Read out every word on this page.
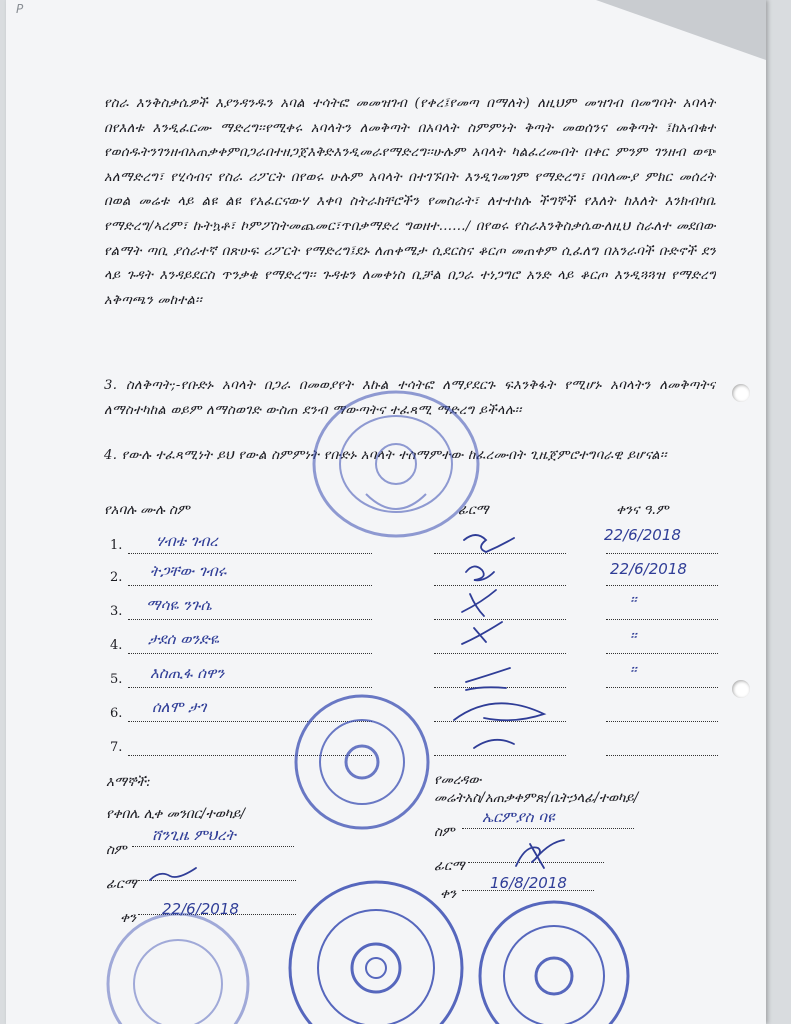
P
የስራ እንቅስቃሴዎች እያንዳንዱን አባል ተሳትፎ መመዝገብ (የቀረ፤የመጣ በማለት) ለዚህም መዝገብ በመግባት አባላት በየእለቱ እንዲፈርሙ ማድረግ፡፡የሚቀሩ አባላትን ለመቅጣት በአባላት ስምምነት ቅጣት መወሰንና መቅጣት ፤ከአብቁተ የወሰዱትንገንዘብአጠቃቀምበጋራበተዘጋጀእቅድእንዲመራየማድረግ፡፡ሁሉም አባላት ካልፈረሙበት በቀር ምንም ገንዘብ ወጭ አለማድረግ፣ የሂሳብና የስራ ሪፖርት በየወሩ ሁሉም አባላት በተገኙበት እንዲገመገም የማድረግ፣ በባለሙያ ምክር መሰረት በወል መሬቱ ላይ ልዩ ልዩ የአፈርናውሃ እቀባ ስትራክቸሮችን የመስራት፣ ለተተከሉ ችግኞች የእለት ከእለት እንክብካቤ የማድረግ/ኣረም፣ ኩትኳቶ፣ ኮምፖስትመጨመር፣ጥበቃማድረ ግወዘተ....../ በየወሩ የስራእንቅስቃሴውለዚህ ስራለተ መደበው የልማት ጣቢ ያሰራተኛ በጽሁፍ ሪፖርት የማድረግ፤ደኑ ለጠቀሜታ ሲደርስና ቆርጦ መጠቀም ሲፈለግ በአንራባች ቡድኖች ደን ላይ ጉዳት እንዳይደርስ ጥንቃቄ የማድረግ፡፡ ጉዳቱን ለመቀነስ ቢቻል በጋራ ተነጋግሮ አንድ ላይ ቆርጦ እንዲጓጓዝ የማድረግ አቅጣጫን መከተል፡፡
3. ስለቅጣት;-የቡድኑ አባላት በጋራ በመወያየት እኩል ተሳትፎ ለማያደርጉ ፍእንቅፋት የሚሆኑ አባላትን ለመቅጣትና ለማስተካከል ወይም ለማስወገድ ውስጠ ደንብ ማውጣትና ተፈጻሚ ማድረግ ይችላሉ፡፡
4. የውሉ ተፈጻሚነት ይህ የውል ስምምነት የቡድኑ አባላት ተስማምተው ከፈረሙበት ጊዜጀምሮተግባራዊ ይሆናል፡፡
የአባሉ ሙሉ ስም	ፊርማ	ቀንና ዓ.ም
1. ሃብቴ ገብረ	22/6/2018
2. ትጋቸው ገብሩ	22/6/2018
3. ማሳዬ ንጉሴ	፡፡
4. ታደሰ ወንድዬ	፡፡
5. እስጢፋ ሰዋን	፡፡
6. ሰለሞ ታገ
7.
እማኞች:
የቀበሌ ሊቀ መንበር/ተወካይ/
ስም
ሸንጊዜ ምህረት
ፊርማ
ቀን 22/6/2018
የመረዳው
መሬትአስ/አጠቃቀምጽ/ቤትኃላፊ/ተወካይ/
ስም
ኤርምያስ ባዩ
ፊርማ
ቀን
16/8/2018
